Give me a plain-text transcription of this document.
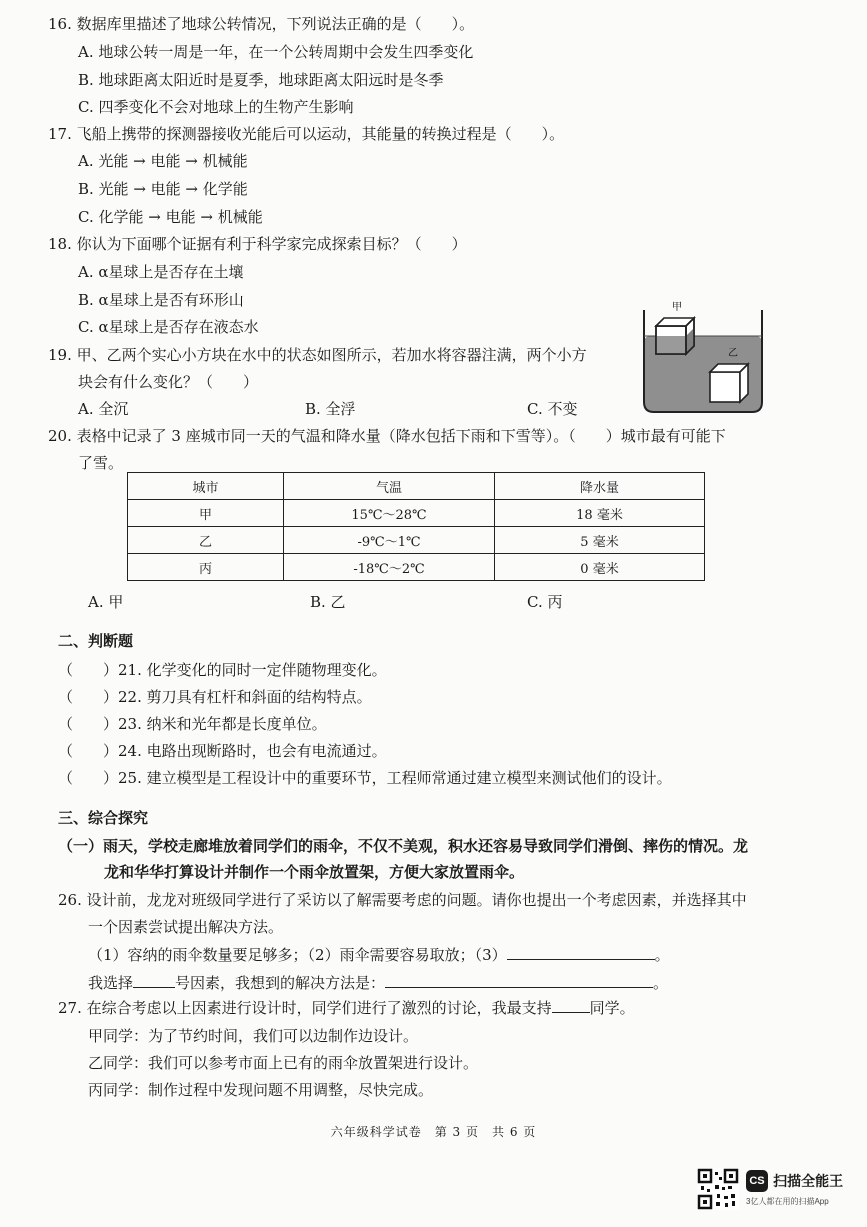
16. 数据库里描述了地球公转情况，下列说法正确的是（　　）。
A. 地球公转一周是一年，在一个公转周期中会发生四季变化
B. 地球距离太阳近时是夏季，地球距离太阳远时是冬季
C. 四季变化不会对地球上的生物产生影响
17. 飞船上携带的探测器接收光能后可以运动，其能量的转换过程是（　　）。
A. 光能 → 电能 → 机械能
B. 光能 → 电能 → 化学能
C. 化学能 → 电能 → 机械能
18. 你认为下面哪个证据有利于科学家完成探索目标？（　　）
A. α星球上是否存在土壤
B. α星球上是否有环形山
C. α星球上是否存在液态水
19. 甲、乙两个实心小方块在水中的状态如图所示，若加水将容器注满，两个小方
块会有什么变化？（　　）
A. 全沉	B. 全浮	C. 不变
甲
乙
20. 表格中记录了 3 座城市同一天的气温和降水量（降水包括下雨和下雪等）。（　　）城市最有可能下
了雪。
城市	气温	降水量
甲	15℃～28℃	18 毫米
乙	-9℃～1℃	5 毫米
丙	-18℃～2℃	0 毫米
A. 甲	B. 乙	C. 丙
二、判断题
（　　）21. 化学变化的同时一定伴随物理变化。
（　　）22. 剪刀具有杠杆和斜面的结构特点。
（　　）23. 纳米和光年都是长度单位。
（　　）24. 电路出现断路时，也会有电流通过。
（　　）25. 建立模型是工程设计中的重要环节，工程师常通过建立模型来测试他们的设计。
三、综合探究
（一）雨天，学校走廊堆放着同学们的雨伞，不仅不美观，积水还容易导致同学们滑倒、摔伤的情况。龙
龙和华华打算设计并制作一个雨伞放置架，方便大家放置雨伞。
26. 设计前，龙龙对班级同学进行了采访以了解需要考虑的问题。请你也提出一个考虑因素，并选择其中
一个因素尝试提出解决方法。
（1）容纳的雨伞数量要足够多；（2）雨伞需要容易取放；（3）	。
我选择	号因素，我想到的解决方法是：	。
27. 在综合考虑以上因素进行设计时，同学们进行了激烈的讨论，我最支持	同学。
甲同学：为了节约时间，我们可以边制作边设计。
乙同学：我们可以参考市面上已有的雨伞放置架进行设计。
丙同学：制作过程中发现问题不用调整，尽快完成。
六年级科学试卷　第 3 页　共 6 页
CS 扫描全能王
3亿人都在用的扫描App
